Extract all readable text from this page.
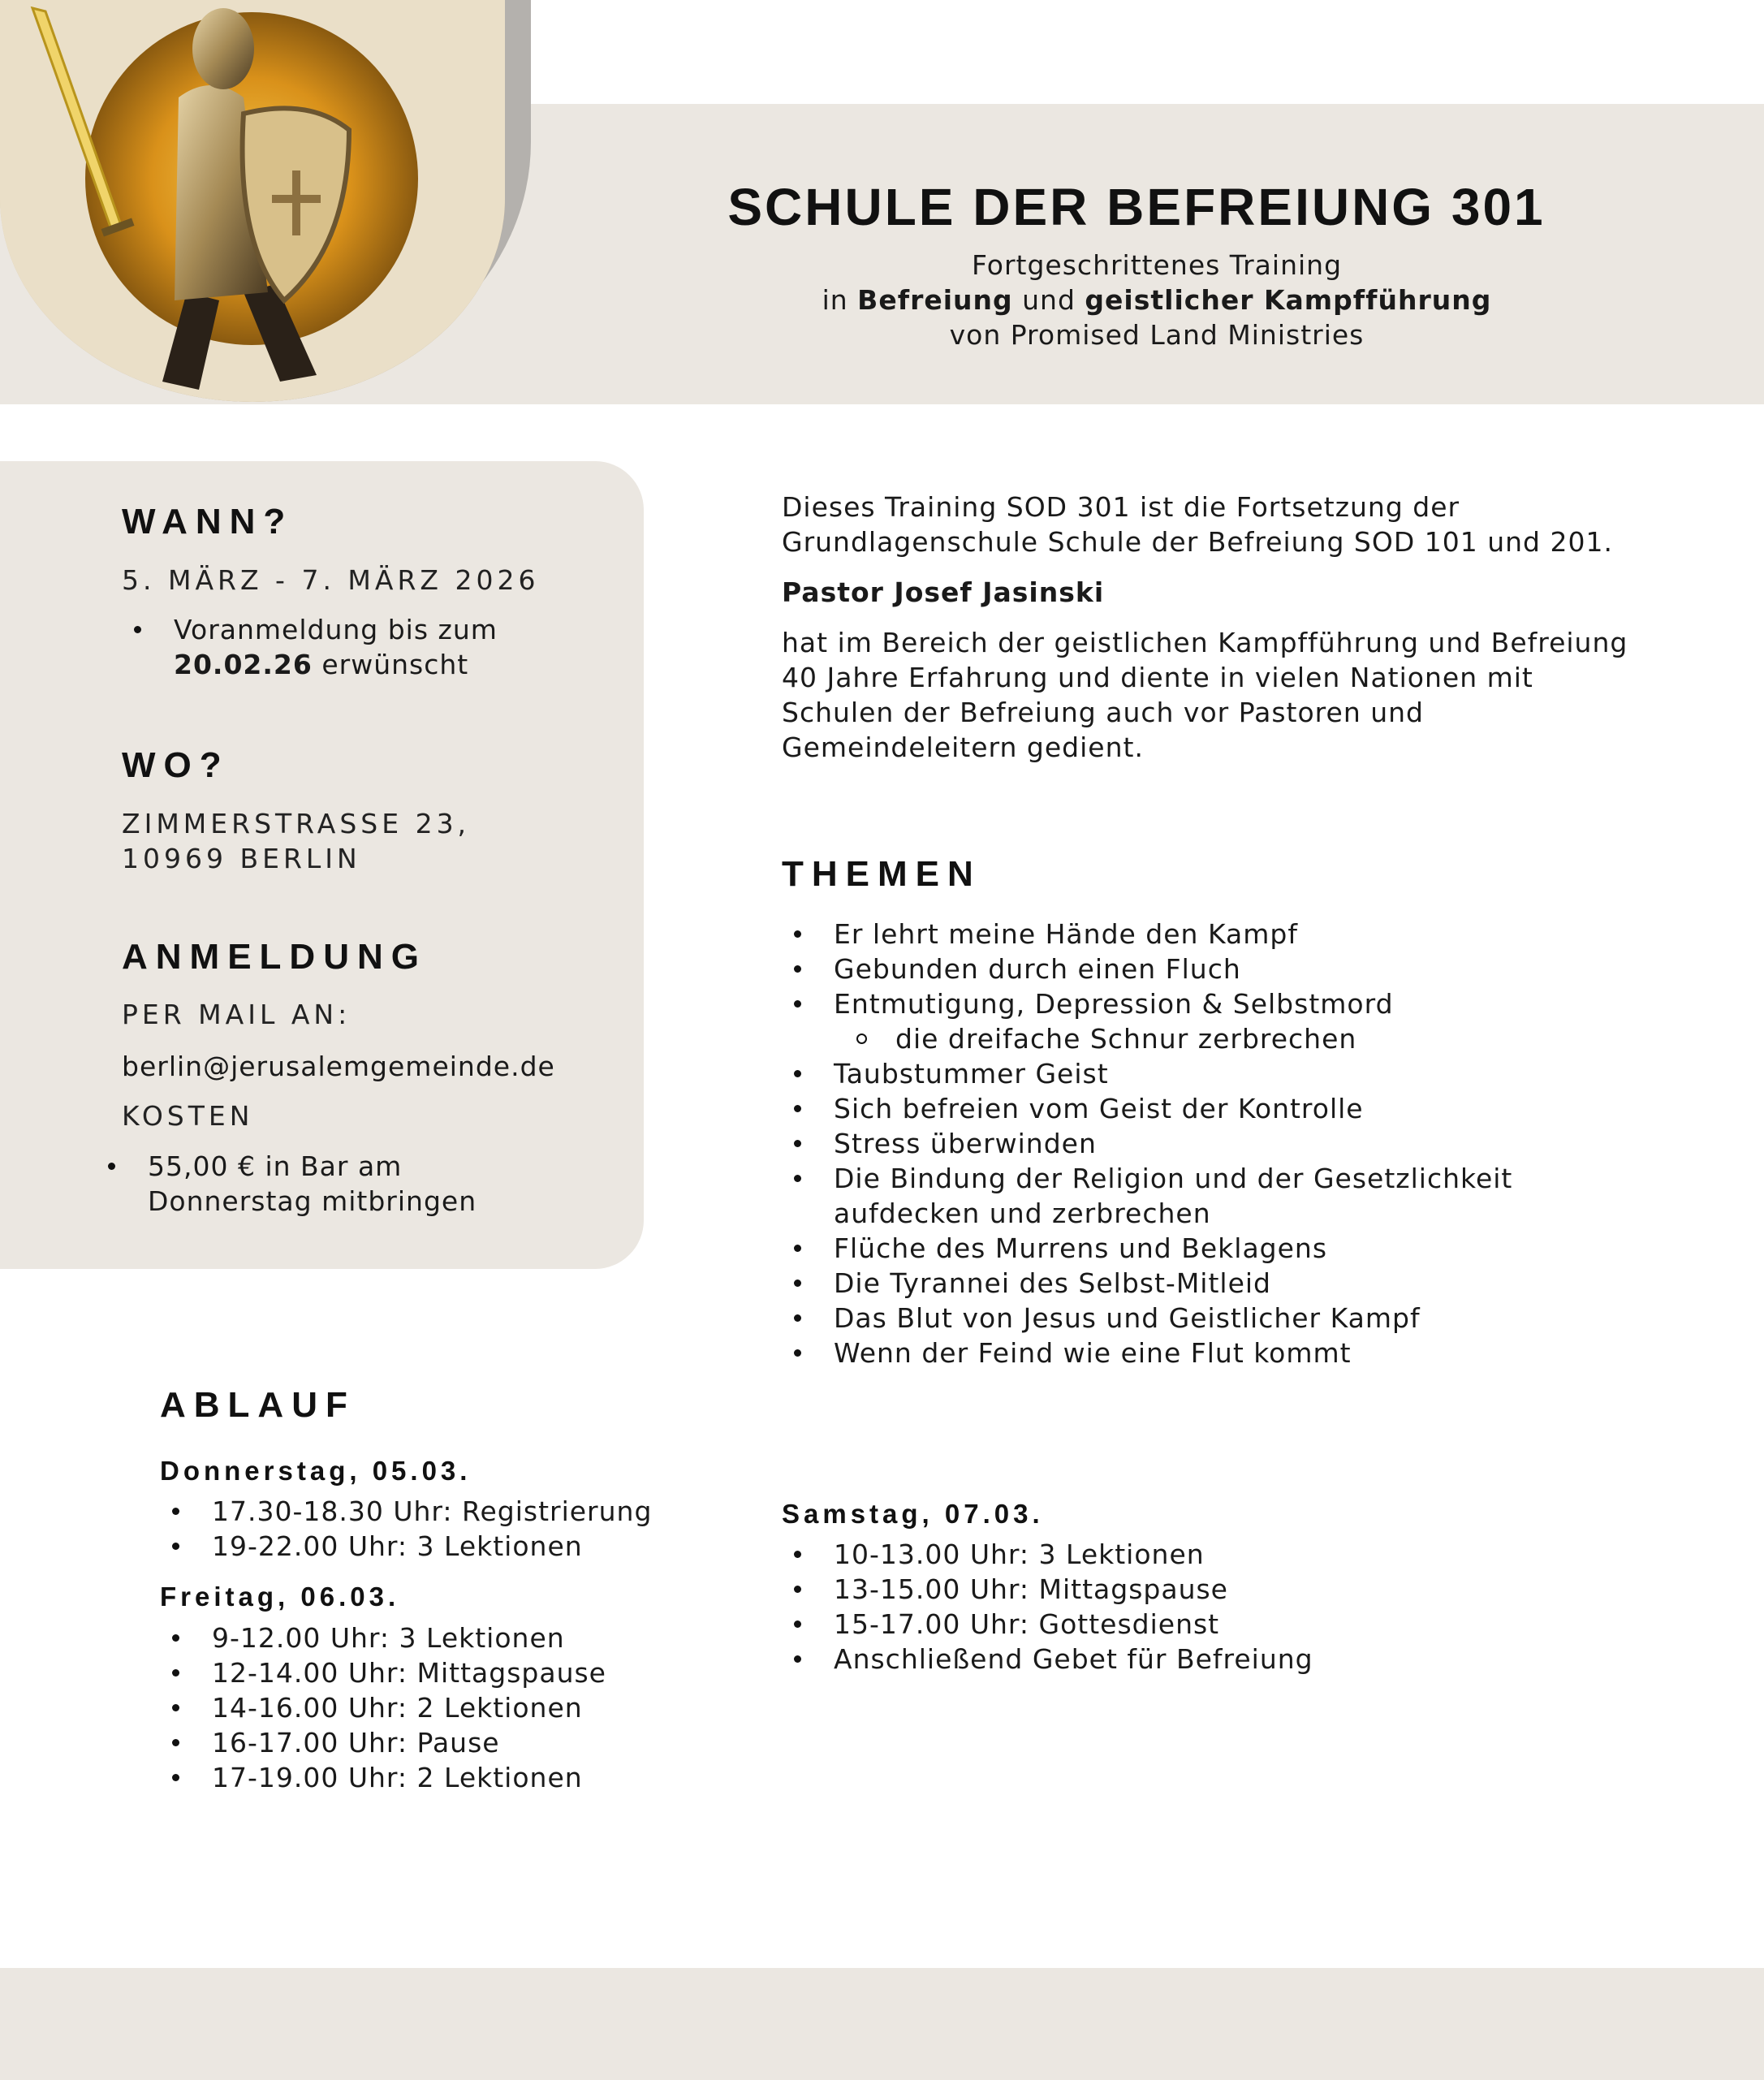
SCHULE DER BEFREIUNG 301
Fortgeschrittenes Training
in Befreiung und geistlicher Kampfführung
von Promised Land Ministries
WANN?
5. MÄRZ - 7. MÄRZ 2026
Voranmeldung bis zum
20.02.26 erwünscht
WO?
ZIMMERSTRASSE 23,
10969 BERLIN
ANMELDUNG
PER MAIL AN:
berlin@jerusalemgemeinde.de
KOSTEN
55,00 € in Bar am
Donnerstag mitbringen
Dieses Training SOD 301 ist die Fortsetzung der Grundlagenschule Schule der Befreiung SOD 101 und 201.
Pastor Josef Jasinski
hat im Bereich der geistlichen Kampfführung und Befreiung 40 Jahre Erfahrung und diente in vielen Nationen mit Schulen der Befreiung auch vor Pastoren und Gemeindeleitern gedient.
THEMEN
Er lehrt meine Hände den Kampf
Gebunden durch einen Fluch
Entmutigung, Depression & Selbstmord
die dreifache Schnur zerbrechen
Taubstummer Geist
Sich befreien vom Geist der Kontrolle
Stress überwinden
Die Bindung der Religion und der Gesetzlichkeit
aufdecken und zerbrechen
Flüche des Murrens und Beklagens
Die Tyrannei des Selbst-Mitleid
Das Blut von Jesus und Geistlicher Kampf
Wenn der Feind wie eine Flut kommt
ABLAUF
Donnerstag, 05.03.
17.30-18.30 Uhr: Registrierung
19-22.00 Uhr: 3 Lektionen
Freitag, 06.03.
9-12.00 Uhr: 3 Lektionen
12-14.00 Uhr: Mittagspause
14-16.00 Uhr: 2 Lektionen
16-17.00 Uhr: Pause
17-19.00 Uhr: 2 Lektionen
Samstag, 07.03.
10-13.00 Uhr: 3 Lektionen
13-15.00 Uhr: Mittagspause
15-17.00 Uhr: Gottesdienst
Anschließend Gebet für Befreiung
